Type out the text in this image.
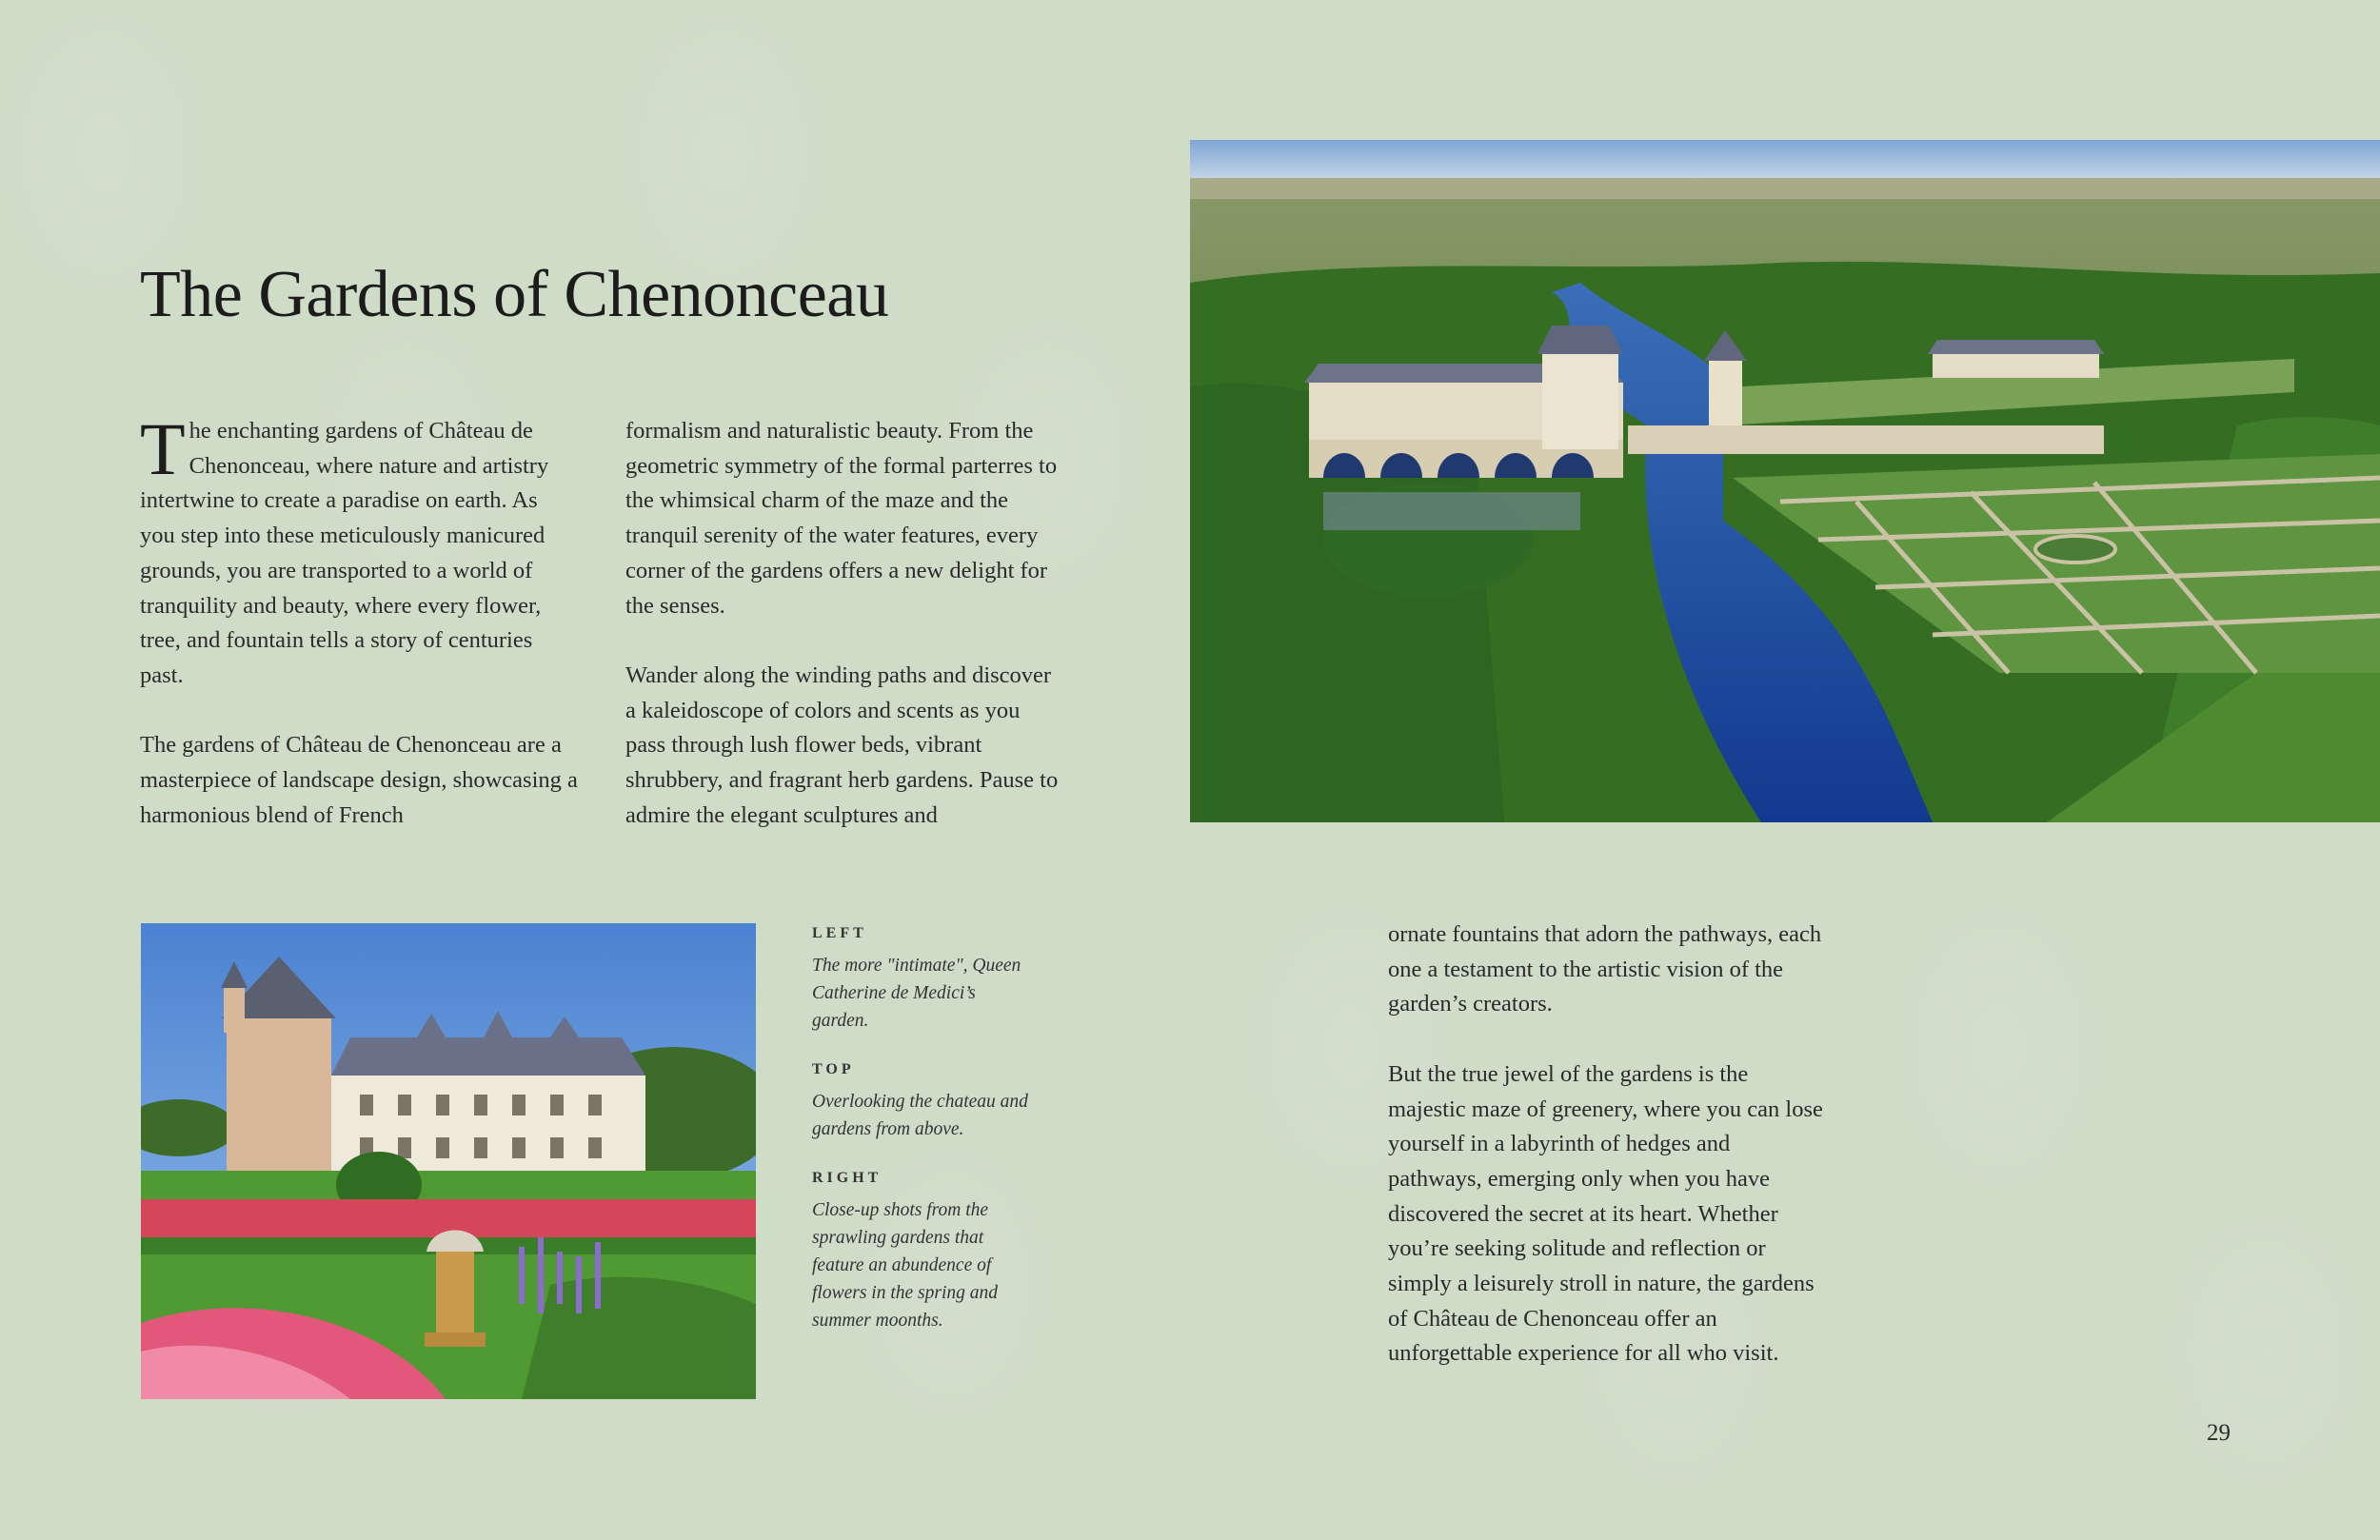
The Gardens of Chenonceau

The enchanting gardens of Château de Chenonceau, where nature and artistry intertwine to create a paradise on earth. As you step into these meticulously manicured grounds, you are transported to a world of tranquility and beauty, where every flower, tree, and fountain tells a story of centuries past.

The gardens of Château de Chenonceau are a masterpiece of landscape design, showcasing a harmonious blend of French

formalism and naturalistic beauty. From the geometric symmetry of the formal parterres to the whimsical charm of the maze and the tranquil serenity of the water features, every corner of the gardens offers a new delight for the senses.

Wander along the winding paths and discover a kaleidoscope of colors and scents as you pass through lush flower beds, vibrant shrubbery, and fragrant herb gardens. Pause to admire the elegant sculptures and

LEFT
The more "intimate", Queen Catherine de Medici’s garden.
TOP
Overlooking the chateau and gardens from above.
RIGHT
Close-up shots from the sprawling gardens that feature an abundence of flowers in the spring and summer moonths.

ornate fountains that adorn the pathways, each one a testament to the artistic vision of the garden’s creators.

But the true jewel of the gardens is the majestic maze of greenery, where you can lose yourself in a labyrinth of hedges and pathways, emerging only when you have discovered the secret at its heart. Whether you’re seeking solitude and reflection or simply a leisurely stroll in nature, the gardens of Château de Chenonceau offer an unforgettable experience for all who visit.

29
